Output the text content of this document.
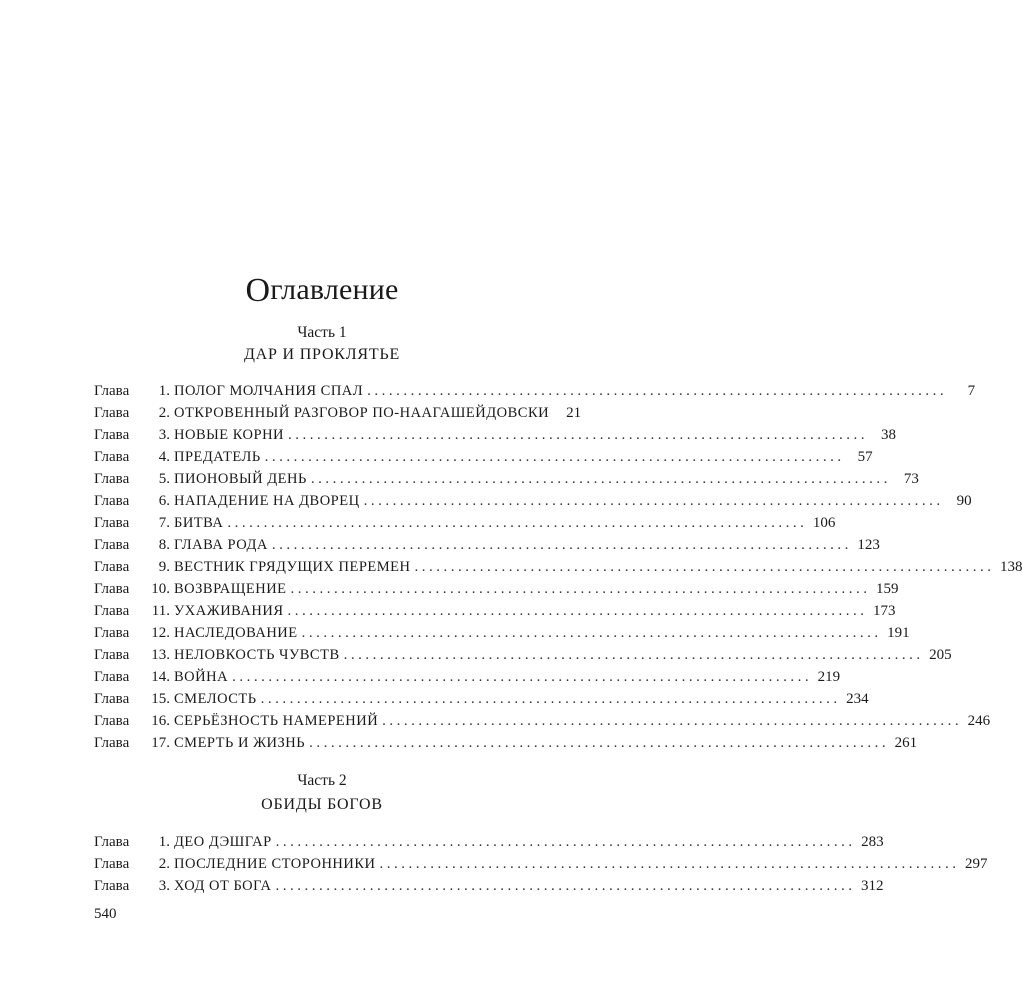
Оглавление
Часть 1
ДАР И ПРОКЛЯТЬЕ
Глава	1. ПОЛОГ МОЛЧАНИЯ СПАЛ ................................................................................	7
Глава	2. ОТКРОВЕННЫЙ РАЗГОВОР ПО-НААГАШЕЙДОВСКИ	21
Глава	3. НОВЫЕ КОРНИ ................................................................................ 38
Глава	4. ПРЕДАТЕЛЬ ................................................................................ 57
Глава	5. ПИОНОВЫЙ ДЕНЬ ................................................................................ 73
Глава	6. НАПАДЕНИЕ НА ДВОРЕЦ ................................................................................ 90
Глава	7. БИТВА ................................................................................ 106
Глава	8. ГЛАВА РОДА ................................................................................ 123
Глава	9. ВЕСТНИК ГРЯДУЩИХ ПЕРЕМЕН ................................................................................ 138
Глава	10. ВОЗВРАЩЕНИЕ ................................................................................ 159
Глава	11. УХАЖИВАНИЯ ................................................................................ 173
Глава	12. НАСЛЕДОВАНИЕ ................................................................................ 191
Глава	13. НЕЛОВКОСТЬ ЧУВСТВ ................................................................................ 205
Глава	14. ВОЙНА ................................................................................ 219
Глава	15. СМЕЛОСТЬ ................................................................................ 234
Глава	16. СЕРЬЁЗНОСТЬ НАМЕРЕНИЙ ................................................................................ 246
Глава	17. СМЕРТЬ И ЖИЗНЬ ................................................................................ 261
Часть 2
ОБИДЫ БОГОВ
Глава	1. ДЕО ДЭШГАР ................................................................................ 283
Глава	2. ПОСЛЕДНИЕ СТОРОННИКИ ................................................................................ 297
Глава	3. ХОД ОТ БОГА ................................................................................ 312
540
